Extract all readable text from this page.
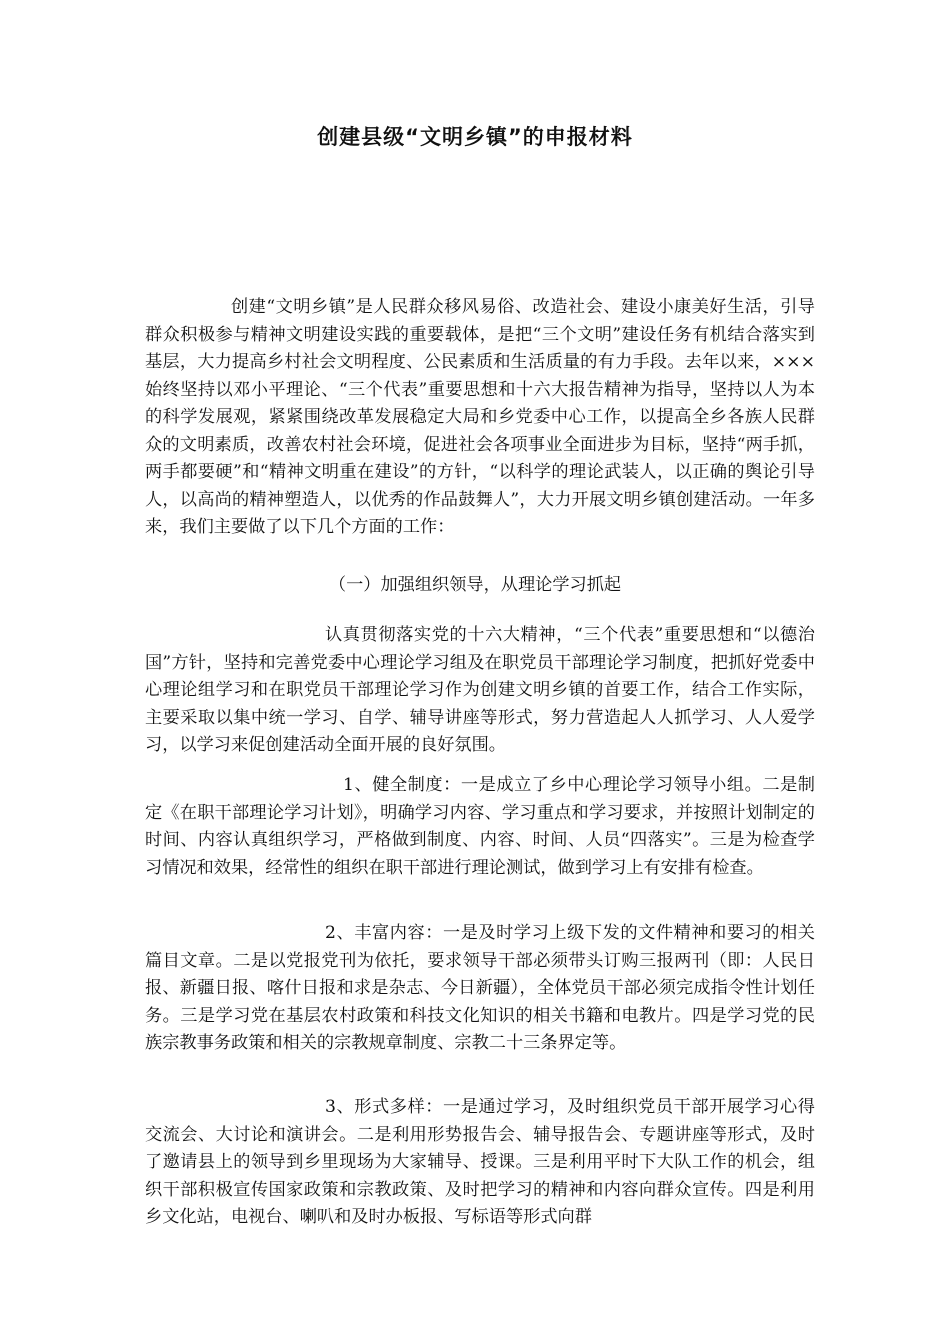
创建县级“文明乡镇”的申报材料

创建“文明乡镇”是人民群众移风易俗、改造社会、建设小康美好生活，引导群众积极参与精神文明建设实践的重要载体，是把“三个文明”建设任务有机结合落实到基层，大力提高乡村社会文明程度、公民素质和生活质量的有力手段。去年以来，×××始终坚持以邓小平理论、“三个代表”重要思想和十六大报告精神为指导，坚持以人为本的科学发展观，紧紧围绕改革发展稳定大局和乡党委中心工作，以提高全乡各族人民群众的文明素质，改善农村社会环境，促进社会各项事业全面进步为目标，坚持“两手抓，两手都要硬”和“精神文明重在建设”的方针，“以科学的理论武装人，以正确的舆论引导人，以高尚的精神塑造人，以优秀的作品鼓舞人”，大力开展文明乡镇创建活动。一年多来，我们主要做了以下几个方面的工作：

（一）加强组织领导，从理论学习抓起

认真贯彻落实党的十六大精神，“三个代表”重要思想和“以德治国”方针，坚持和完善党委中心理论学习组及在职党员干部理论学习制度，把抓好党委中心理论组学习和在职党员干部理论学习作为创建文明乡镇的首要工作，结合工作实际，主要采取以集中统一学习、自学、辅导讲座等形式，努力营造起人人抓学习、人人爱学习，以学习来促创建活动全面开展的良好氛围。

1、健全制度：一是成立了乡中心理论学习领导小组。二是制定《在职干部理论学习计划》，明确学习内容、学习重点和学习要求，并按照计划制定的时间、内容认真组织学习，严格做到制度、内容、时间、人员“四落实”。三是为检查学习情况和效果，经常性的组织在职干部进行理论测试，做到学习上有安排有检查。

2、丰富内容：一是及时学习上级下发的文件精神和要习的相关篇目文章。二是以党报党刊为依托，要求领导干部必须带头订购三报两刊（即：人民日报、新疆日报、喀什日报和求是杂志、今日新疆），全体党员干部必须完成指令性计划任务。三是学习党在基层农村政策和科技文化知识的相关书籍和电教片。四是学习党的民族宗教事务政策和相关的宗教规章制度、宗教二十三条界定等。

3、形式多样：一是通过学习，及时组织党员干部开展学习心得交流会、大讨论和演讲会。二是利用形势报告会、辅导报告会、专题讲座等形式，及时了邀请县上的领导到乡里现场为大家辅导、授课。三是利用平时下大队工作的机会，组织干部积极宣传国家政策和宗教政策、及时把学习的精神和内容向群众宣传。四是利用乡文化站，电视台、喇叭和及时办板报、写标语等形式向群
